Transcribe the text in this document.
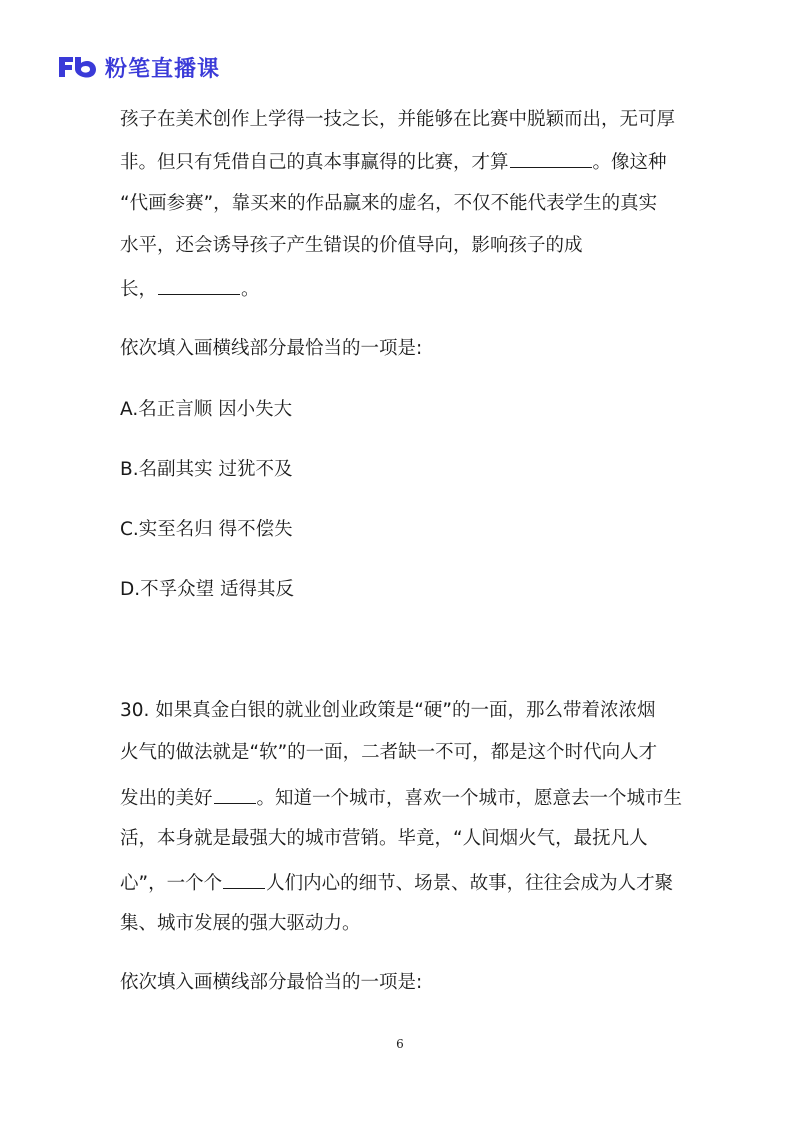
粉笔直播课
孩子在美术创作上学得一技之长，并能够在比赛中脱颖而出，无可厚
非。但只有凭借自己的真本事赢得的比赛，才算	。像这种
“代画参赛”，靠买来的作品赢来的虚名，不仅不能代表学生的真实
水平，还会诱导孩子产生错误的价值导向，影响孩子的成
长，	。
依次填入画横线部分最恰当的一项是:
A.名正言顺 因小失大
B.名副其实 过犹不及
C.实至名归 得不偿失
D.不孚众望 适得其反
30. 如果真金白银的就业创业政策是“硬”的一面，那么带着浓浓烟
火气的做法就是“软”的一面，二者缺一不可，都是这个时代向人才
发出的美好 。知道一个城市，喜欢一个城市，愿意去一个城市生
活，本身就是最强大的城市营销。毕竟，“人间烟火气，最抚凡人
心”，一个个 人们内心的细节、场景、故事，往往会成为人才聚
集、城市发展的强大驱动力。
依次填入画横线部分最恰当的一项是:
6
